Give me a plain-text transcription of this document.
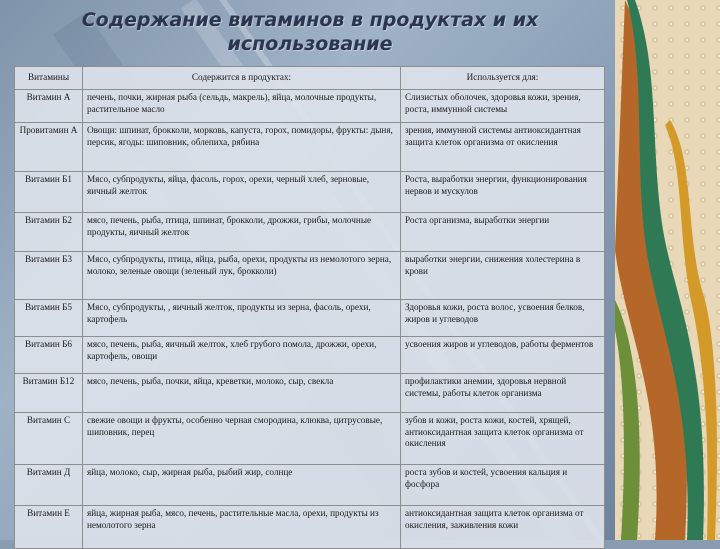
Содержание витаминов в продуктах и их использование
Витамины	Содержится в продуктах:	Используется для:
Витамин А	печень, почки, жирная рыба (сельдь, макрель), яйца, молочные продукты, растительное масло	Слизистых оболочек, здоровья кожи, зрения, роста, иммунной системы
Провитамин А	Овощи: шпинат, брокколи, морковь, капуста, горох, помидоры, фрукты: дыня, персик, ягоды: шиповник, облепиха, рябина	зрения, иммунной системы антиоксидантная защита клеток организма от окисления
Витамин Б1	Мясо, субпродукты, яйца, фасоль, горох, орехи, черный хлеб, зерновые, яичный желток	Роста, выработки энергии, функционирования нервов и мускулов
Витамин Б2	мясо, печень, рыба, птица, шпинат, брокколи, дрожжи, грибы, молочные продукты, яичный желток	Роста организма, выработки энергии
Витамин Б3	Мясо, субпродукты, птица, яйца, рыба, орехи, продукты из немолотого зерна, молоко, зеленые овощи (зеленый лук, брокколи)	выработки энергии, снижения холестерина в крови
Витамин Б5	Мясо, субпродукты, , яичный желток, продукты из зерна, фасоль, орехи, картофель	Здоровья кожи, роста волос, усвоения белков, жиров и углеводов
Витамин Б6	мясо, печень, рыба, яичный желток, хлеб грубого помола, дрожжи, орехи, картофель, овощи	усвоения жиров и углеводов, работы ферментов
Витамин Б12	мясо, печень, рыба, почки, яйца, креветки, молоко, сыр, свекла	профилактики анемии, здоровья нервной системы, работы клеток организма
Витамин С	свежие овощи и фрукты, особенно черная смородина, клюква, цитрусовые, шиповник, перец	зубов и кожи, роста кожи, костей, хрящей, антиоксидантная защита клеток организма от окисления
Витамин Д	яйца, молоко, сыр, жирная рыба, рыбий жир, солнце	роста зубов и костей, усвоения кальция и фосфора
Витамин Е	яйца, жирная рыба, мясо, печень, растительные масла, орехи, продукты из немолотого зерна	антиоксидантная защита клеток организма от окисления, заживления кожи
